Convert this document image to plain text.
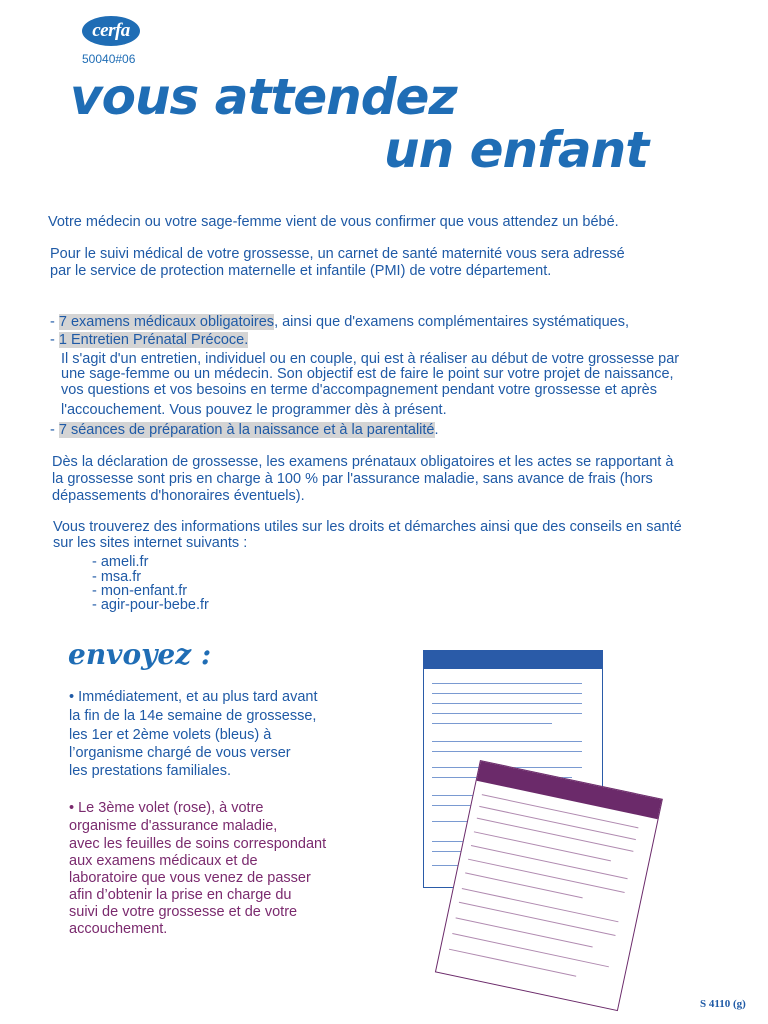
cerfa
50040#06
vous attendez
un enfant
Votre médecin ou votre sage-femme vient de vous confirmer que vous attendez un bébé.
Pour le suivi médical de votre grossesse, un carnet de santé maternité vous sera adressé
par le service de protection maternelle et infantile (PMI) de votre département.
- 7 examens médicaux obligatoires, ainsi que d'examens complémentaires systématiques,
- 1 Entretien Prénatal Précoce.
Il s'agit d'un entretien, individuel ou en couple, qui est à réaliser au début de votre grossesse par
une sage-femme ou un médecin. Son objectif est de faire le point sur votre projet de naissance,
vos questions et vos besoins en terme d'accompagnement pendant votre grossesse et après
l'accouchement. Vous pouvez le programmer dès à présent.
- 7 séances de préparation à la naissance et à la parentalité.
Dès la déclaration de grossesse, les examens prénataux obligatoires et les actes se rapportant à
la grossesse sont pris en charge à 100 % par l'assurance maladie, sans avance de frais (hors
dépassements d'honoraires éventuels).
Vous trouverez des informations utiles sur les droits et démarches ainsi que des conseils en santé
sur les sites internet suivants :
- ameli.fr
- msa.fr
- mon-enfant.fr
- agir-pour-bebe.fr
envoyez :
• Immédiatement, et au plus tard avant
la fin de la 14e semaine de grossesse,
les 1er et 2ème volets (bleus) à
l’organisme chargé de vous verser
les prestations familiales.
• Le 3ème volet (rose), à votre
organisme d'assurance maladie,
avec les feuilles de soins correspondant
aux examens médicaux et de
laboratoire que vous venez de passer
afin d’obtenir la prise en charge du
suivi de votre grossesse et de votre
accouchement.
S 4110 (g)
